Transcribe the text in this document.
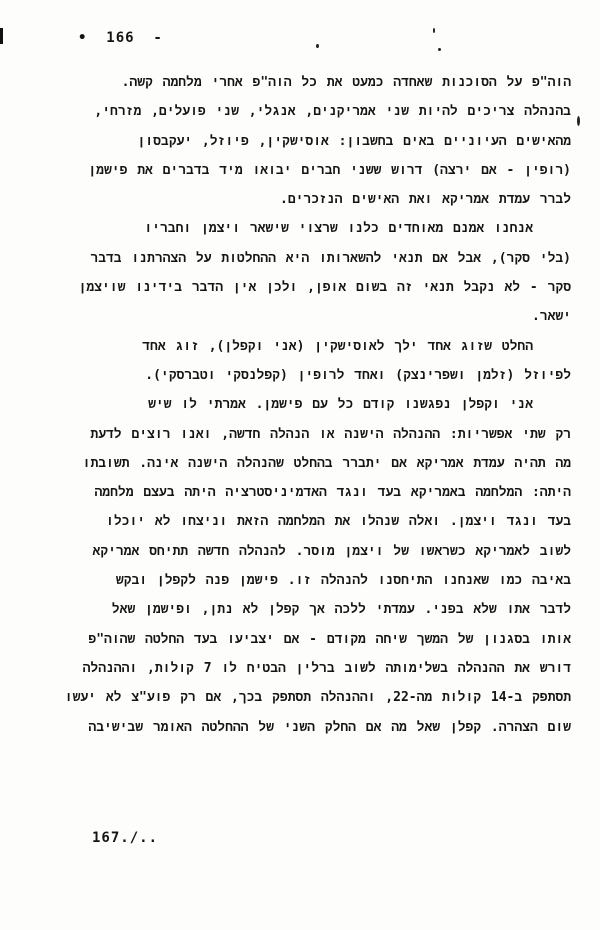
•  166  -
הוה"פ על הסוכנות שאחדה כמעט את כל הוה"פ אחרי מלחמה קשה.
בהנהלה צריכים להיות שני אמריקנים, אנגלי, שני פועלים, מזרחי,
מהאישים העיוניים באים בחשבון: אוסישקין, פיוזל, יעקבסון
(רופין - אם ירצה) דרוש ששני חברים יבואו מיד בדברים את פישמן
לברר עמדת אמריקא ואת האישים הנזכרים.
אנחנו אמנם מאוחדים כלנו שרצוי שישאר ויצמן וחבריו
(בלי סקר), אבל אם תנאי להשארותו היא ההחלטות על הצהרתנו בדבר
סקר - לא נקבל תנאי זה בשום אופן, ולכן אין הדבר בידינו שויצמן
ישאר.
החלט שזוג אחד ילך לאוסישקין (אני וקפלן), זוג אחד
לפיוזל (זלמן ושפרינצק) ואחד לרופין (קפלנסקי וטברסקי).
אני וקפלן נפגשנו קודם כל עם פישמן. אמרתי לו שיש
רק שתי אפשריות: ההנהלה הישנה או הנהלה חדשה, ואנו רוצים לדעת
מה תהיה עמדת אמריקא אם יתברר בהחלט שהנהלה הישנה אינה. תשובתו
היתה: המלחמה באמריקא בעד ונגד האדמיניסטרציה היתה בעצם מלחמה
בעד ונגד ויצמן. ואלה שנהלו את המלחמה הזאת וניצחו לא יוכלו
לשוב לאמריקא כשראשו של ויצמן מוסר. להנהלה חדשה תתיחס אמריקא
באיבה כמו שאנחנו התיחסנו להנהלה זו. פישמן פנה לקפלן ובקש
לדבר אתו שלא בפני. עמדתי ללכה אך קפלן לא נתן, ופישמן שאל
אותו בסגנון של המשך שיחה מקודם - אם יצביעו בעד החלטה שהוה"פ
דורש את ההנהלה בשלימותה לשוב ברלין הבטיח לו 7 קולות, וההנהלה
תסתפק ב-14 קולות מה-22, וההנהלה תסתפק בכך, אם רק פוע"צ לא יעשו
שום הצהרה. קפלן שאל מה אם החלק השני של ההחלטה האומר שבישיבה
167./..
